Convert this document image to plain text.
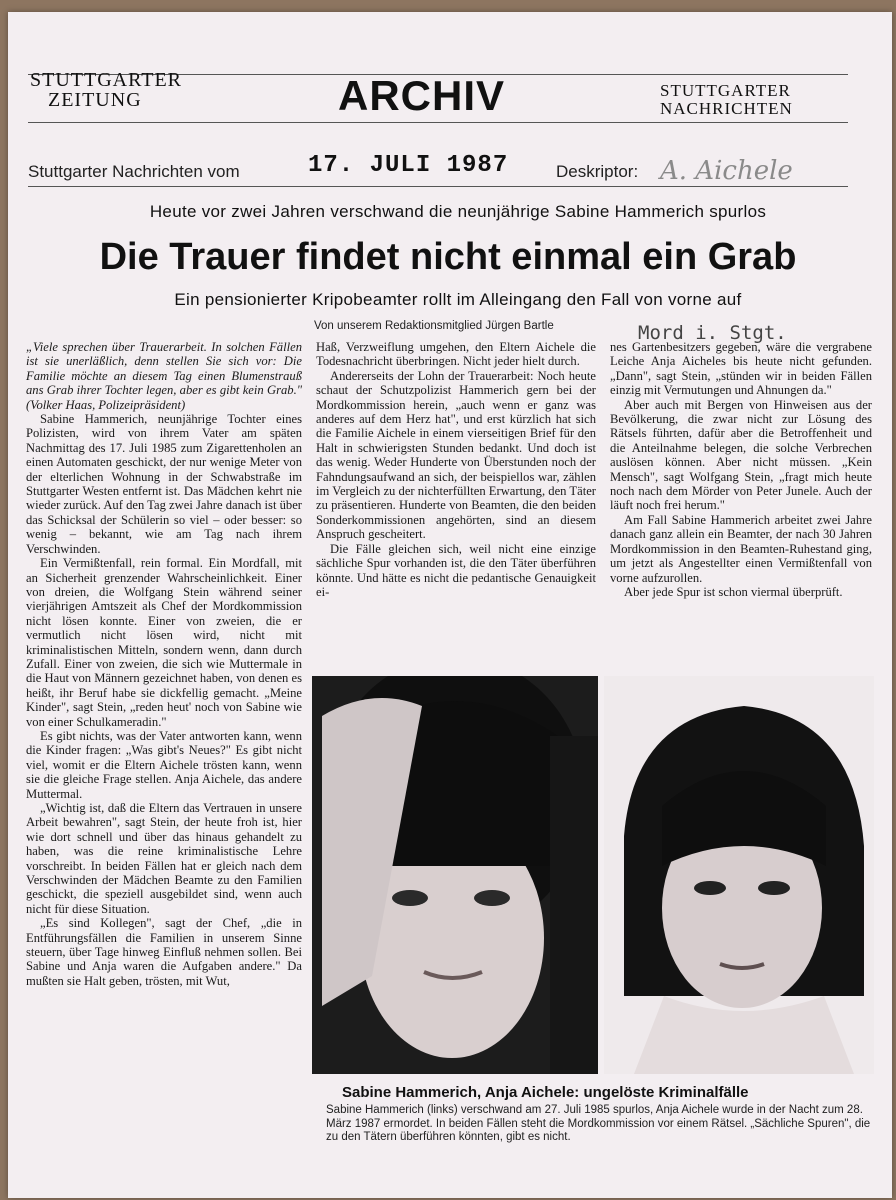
STUTTGARTER
ZEITUNG	ARCHIV	STUTTGARTER
NACHRICHTEN
Stuttgarter Nachrichten vom	17. JULI 1987	Deskriptor: A. Aichele
Heute vor zwei Jahren verschwand die neunjährige Sabine Hammerich spurlos
Die Trauer findet nicht einmal ein Grab
Ein pensionierter Kripobeamter rollt im Alleingang den Fall von vorne auf
Von unserem Redaktionsmitglied Jürgen Bartle	Mord i. Stgt.

„Viele sprechen über Trauerarbeit. In solchen Fällen ist sie unerläßlich, denn stellen Sie sich vor: Die Familie möchte an diesem Tag einen Blumenstrauß ans Grab ihrer Tochter legen, aber es gibt kein Grab." (Volker Haas, Polizeipräsident)

Sabine Hammerich, neunjährige Tochter eines Polizisten, wird von ihrem Vater am späten Nachmittag des 17. Juli 1985 zum Zigarettenholen an einen Automaten geschickt, der nur wenige Meter von der elterlichen Wohnung in der Schwabstraße im Stuttgarter Westen entfernt ist. Das Mädchen kehrt nie wieder zurück. Auf den Tag zwei Jahre danach ist über das Schicksal der Schülerin so viel – oder besser: so wenig – bekannt, wie am Tag nach ihrem Verschwinden.

Ein Vermißtenfall, rein formal. Ein Mordfall, mit an Sicherheit grenzender Wahrscheinlichkeit. Einer von dreien, die Wolfgang Stein während seiner vierjährigen Amtszeit als Chef der Mordkommission nicht lösen konnte. Einer von zweien, die er vermutlich nicht lösen wird, nicht mit kriminalistischen Mitteln, sondern wenn, dann durch Zufall. Einer von zweien, die sich wie Muttermale in die Haut von Männern gezeichnet haben, von denen es heißt, ihr Beruf habe sie dickfellig gemacht. „Meine Kinder", sagt Stein, „reden heut' noch von Sabine wie von einer Schulkameradin."

Es gibt nichts, was der Vater antworten kann, wenn die Kinder fragen: „Was gibt's Neues?" Es gibt nicht viel, womit er die Eltern Aichele trösten kann, wenn sie die gleiche Frage stellen. Anja Aichele, das andere Muttermal.

„Wichtig ist, daß die Eltern das Vertrauen in unsere Arbeit bewahren", sagt Stein, der heute froh ist, hier wie dort schnell und über das hinaus gehandelt zu haben, was die reine kriminalistische Lehre vorschreibt. In beiden Fällen hat er gleich nach dem Verschwinden der Mädchen Beamte zu den Familien geschickt, die speziell ausgebildet sind, wenn auch nicht für diese Situation.

„Es sind Kollegen", sagt der Chef, „die in Entführungsfällen die Familien in unserem Sinne steuern, über Tage hinweg Einfluß nehmen sollen. Bei Sabine und Anja waren die Aufgaben andere." Da mußten sie Halt geben, trösten, mit Wut,

Haß, Verzweiflung umgehen, den Eltern Aichele die Todesnachricht überbringen. Nicht jeder hielt durch.

Andererseits der Lohn der Trauerarbeit: Noch heute schaut der Schutzpolizist Hammerich gern bei der Mordkommission herein, „auch wenn er ganz was anderes auf dem Herz hat", und erst kürzlich hat sich die Familie Aichele in einem vierseitigen Brief für den Halt in schwierigsten Stunden bedankt. Und doch ist das wenig. Weder Hunderte von Überstunden noch der Fahndungsaufwand an sich, der beispiellos war, zählen im Vergleich zu der nichterfüllten Erwartung, den Täter zu präsentieren. Hunderte von Beamten, die den beiden Sonderkommissionen angehörten, sind an diesem Anspruch gescheitert.

Die Fälle gleichen sich, weil nicht eine einzige sächliche Spur vorhanden ist, die den Täter überführen könnte. Und hätte es nicht die pedantische Genauigkeit ei-

nes Gartenbesitzers gegeben, wäre die vergrabene Leiche Anja Aicheles bis heute nicht gefunden. „Dann", sagt Stein, „stünden wir in beiden Fällen einzig mit Vermutungen und Ahnungen da."

Aber auch mit Bergen von Hinweisen aus der Bevölkerung, die zwar nicht zur Lösung des Rätsels führten, dafür aber die Betroffenheit und die Anteilnahme belegen, die solche Verbrechen auslösen können. Aber nicht müssen. „Kein Mensch", sagt Wolfgang Stein, „fragt mich heute noch nach dem Mörder von Peter Junele. Auch der läuft noch frei herum."

Am Fall Sabine Hammerich arbeitet zwei Jahre danach ganz allein ein Beamter, der nach 30 Jahren Mordkommission in den Beamten-Ruhestand ging, um jetzt als Angestellter einen Vermißtenfall von vorne aufzurollen.

Aber jede Spur ist schon viermal überprüft.

Sabine Hammerich, Anja Aichele: ungelöste Kriminalfälle
Sabine Hammerich (links) verschwand am 27. Juli 1985 spurlos, Anja Aichele wurde in der Nacht zum 28. März 1987 ermordet. In beiden Fällen steht die Mordkommission vor einem Rätsel. „Sächliche Spuren", die zu den Tätern überführen könnten, gibt es nicht.
